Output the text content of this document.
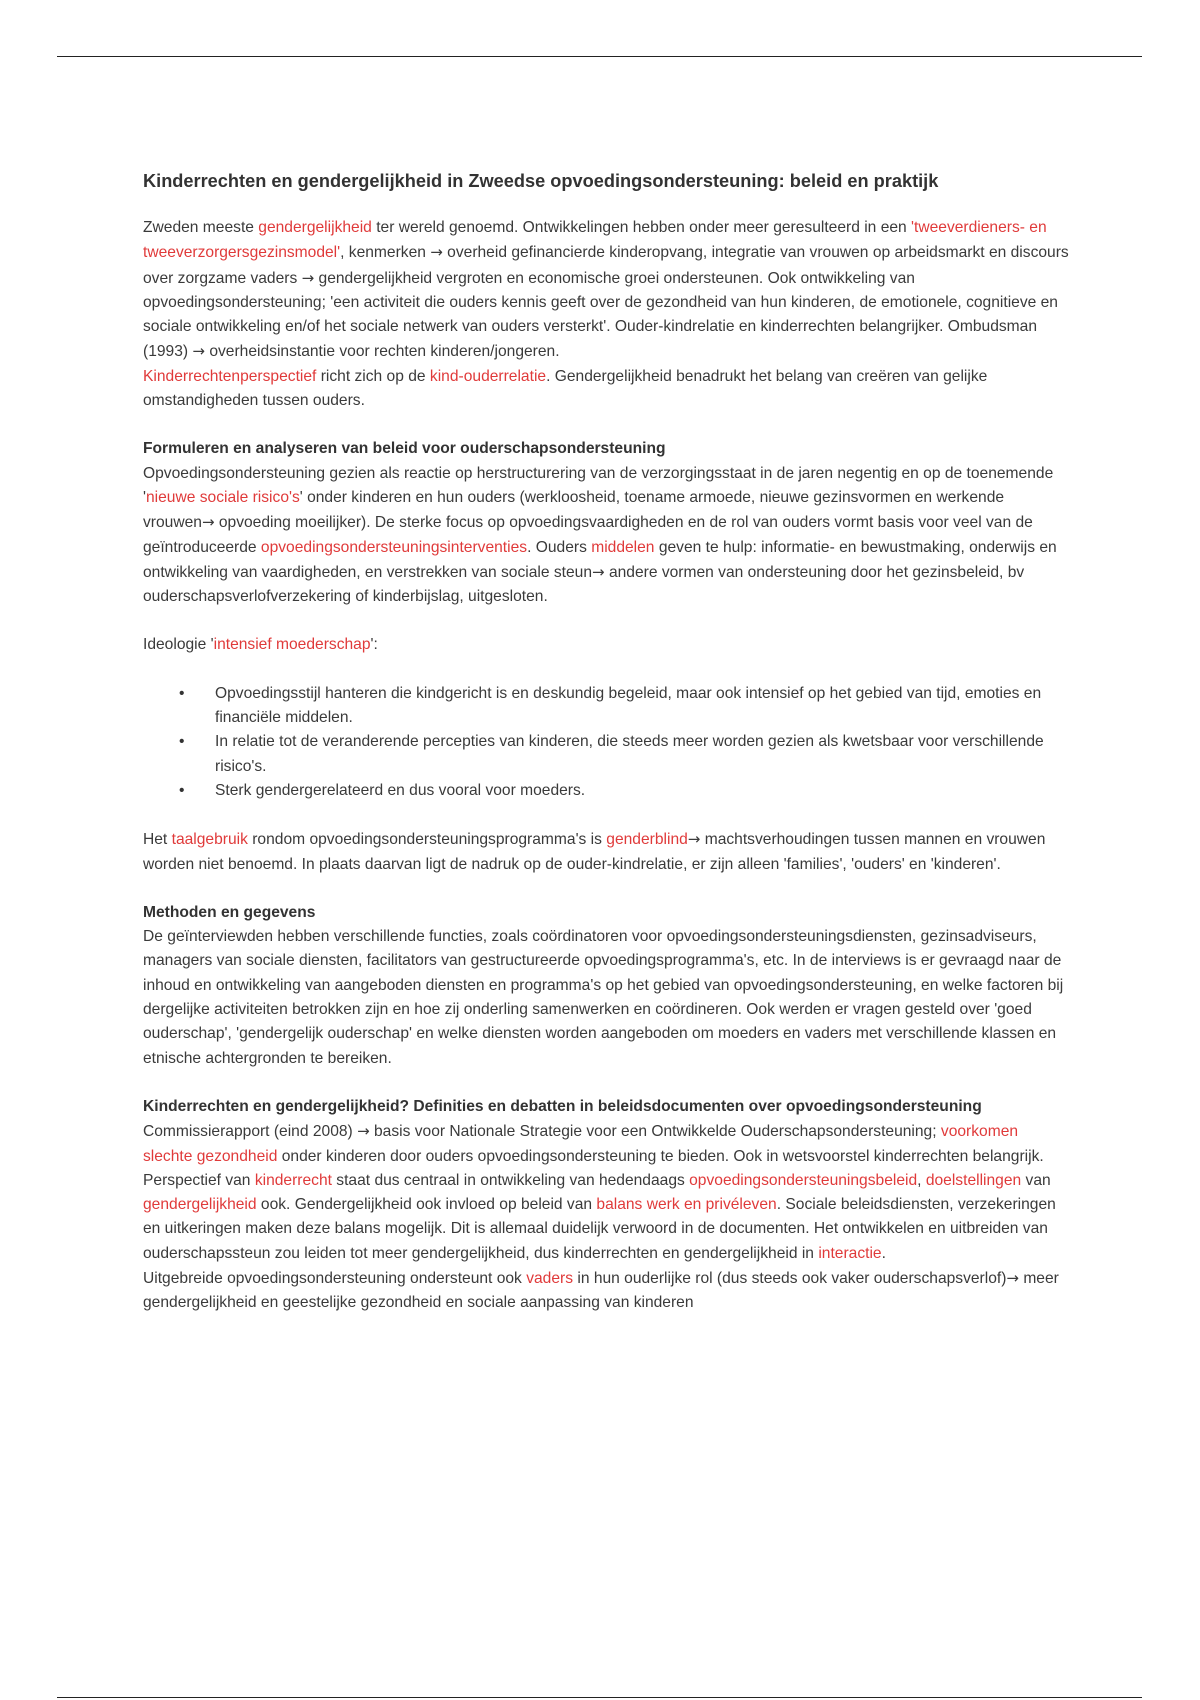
Kinderrechten en gendergelijkheid in Zweedse opvoedingsondersteuning: beleid en praktijk

Zweden meeste gendergelijkheid ter wereld genoemd. Ontwikkelingen hebben onder meer geresulteerd in een 'tweeverdieners- en tweeverzorgersgezinsmodel', kenmerken → overheid gefinancierde kinderopvang, integratie van vrouwen op arbeidsmarkt en discours over zorgzame vaders → gendergelijkheid vergroten en economische groei ondersteunen. Ook ontwikkeling van opvoedingsondersteuning; 'een activiteit die ouders kennis geeft over de gezondheid van hun kinderen, de emotionele, cognitieve en sociale ontwikkeling en/of het sociale netwerk van ouders versterkt'. Ouder-kindrelatie en kinderrechten belangrijker. Ombudsman (1993) → overheidsinstantie voor rechten kinderen/jongeren.

Kinderrechtenperspectief richt zich op de kind-ouderrelatie. Gendergelijkheid benadrukt het belang van creëren van gelijke omstandigheden tussen ouders.

Formuleren en analyseren van beleid voor ouderschapsondersteuning

Opvoedingsondersteuning gezien als reactie op herstructurering van de verzorgingsstaat in de jaren negentig en op de toenemende 'nieuwe sociale risico's' onder kinderen en hun ouders (werkloosheid, toename armoede, nieuwe gezinsvormen en werkende vrouwen→ opvoeding moeilijker). De sterke focus op opvoedingsvaardigheden en de rol van ouders vormt basis voor veel van de geïntroduceerde opvoedingsondersteuningsinterventies. Ouders middelen geven te hulp: informatie- en bewustmaking, onderwijs en ontwikkeling van vaardigheden, en verstrekken van sociale steun→ andere vormen van ondersteuning door het gezinsbeleid, bv ouderschapsverlofverzekering of kinderbijslag, uitgesloten.

Ideologie 'intensief moederschap':

• Opvoedingsstijl hanteren die kindgericht is en deskundig begeleid, maar ook intensief op het gebied van tijd, emoties en financiële middelen.
• In relatie tot de veranderende percepties van kinderen, die steeds meer worden gezien als kwetsbaar voor verschillende risico's.
• Sterk gendergerelateerd en dus vooral voor moeders.

Het taalgebruik rondom opvoedingsondersteuningsprogramma's is genderblind→ machtsverhoudingen tussen mannen en vrouwen worden niet benoemd. In plaats daarvan ligt de nadruk op de ouder-kindrelatie, er zijn alleen 'families', 'ouders' en 'kinderen'.

Methoden en gegevens

De geïnterviewden hebben verschillende functies, zoals coördinatoren voor opvoedingsondersteuningsdiensten, gezinsadviseurs, managers van sociale diensten, facilitators van gestructureerde opvoedingsprogramma's, etc. In de interviews is er gevraagd naar de inhoud en ontwikkeling van aangeboden diensten en programma's op het gebied van opvoedingsondersteuning, en welke factoren bij dergelijke activiteiten betrokken zijn en hoe zij onderling samenwerken en coördineren. Ook werden er vragen gesteld over 'goed ouderschap', 'gendergelijk ouderschap' en welke diensten worden aangeboden om moeders en vaders met verschillende klassen en etnische achtergronden te bereiken.

Kinderrechten en gendergelijkheid? Definities en debatten in beleidsdocumenten over opvoedingsondersteuning

Commissierapport (eind 2008) → basis voor Nationale Strategie voor een Ontwikkelde Ouderschapsondersteuning; voorkomen slechte gezondheid onder kinderen door ouders opvoedingsondersteuning te bieden. Ook in wetsvoorstel kinderrechten belangrijk.

Perspectief van kinderrecht staat dus centraal in ontwikkeling van hedendaags opvoedingsondersteuningsbeleid, doelstellingen van gendergelijkheid ook. Gendergelijkheid ook invloed op beleid van balans werk en privéleven. Sociale beleidsdiensten, verzekeringen en uitkeringen maken deze balans mogelijk. Dit is allemaal duidelijk verwoord in de documenten. Het ontwikkelen en uitbreiden van ouderschapssteun zou leiden tot meer gendergelijkheid, dus kinderrechten en gendergelijkheid in interactie.

Uitgebreide opvoedingsondersteuning ondersteunt ook vaders in hun ouderlijke rol (dus steeds ook vaker ouderschapsverlof)→ meer gendergelijkheid en geestelijke gezondheid en sociale aanpassing van kinderen
